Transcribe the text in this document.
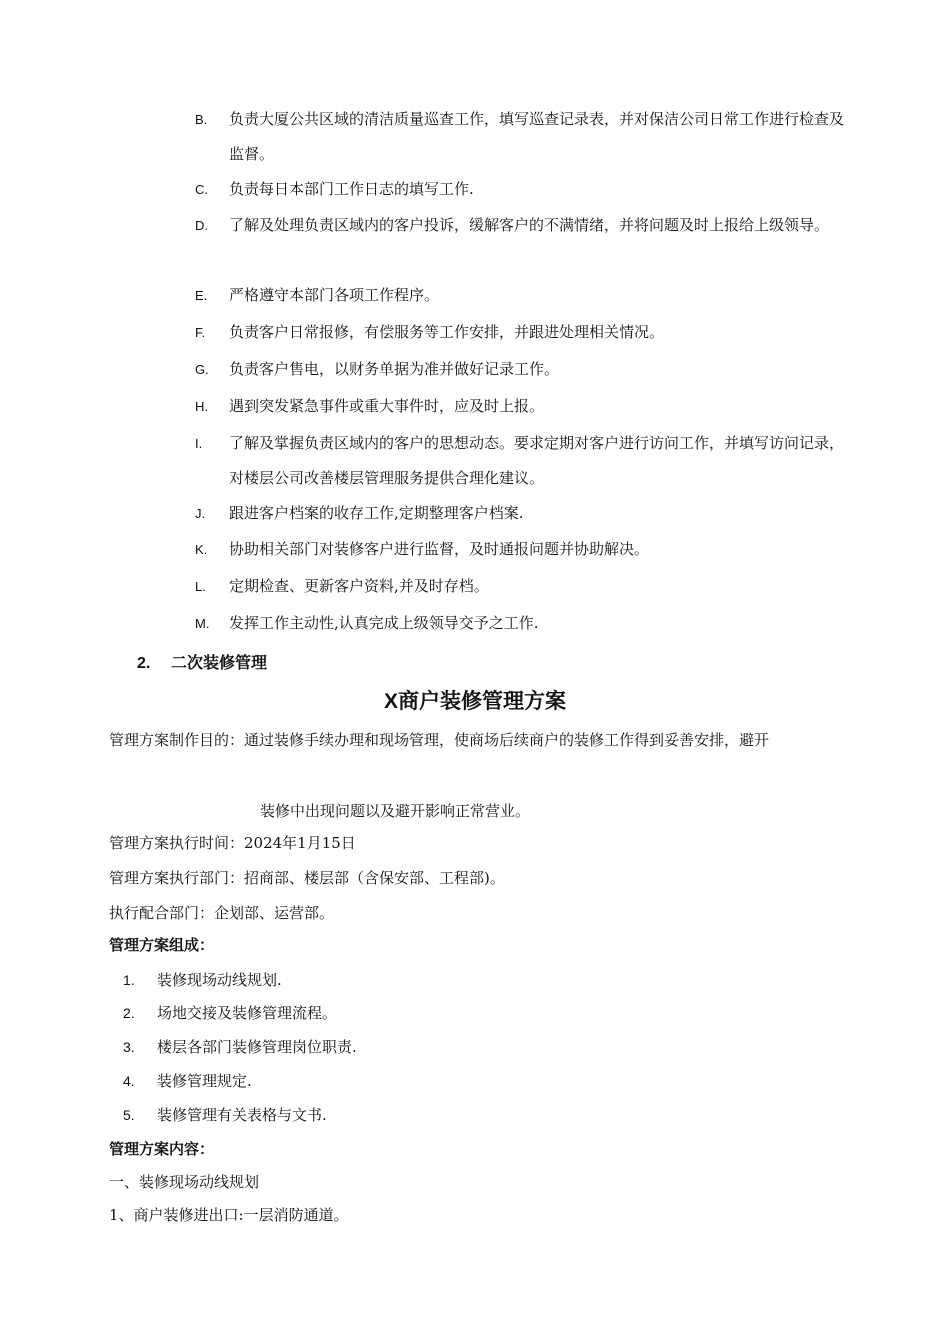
B. 负责大厦公共区域的清洁质量巡查工作，填写巡查记录表，并对保洁公司日常工作进行检查及监督。
C. 负责每日本部门工作日志的填写工作.
D. 了解及处理负责区域内的客户投诉，缓解客户的不满情绪，并将问题及时上报给上级领导。
E. 严格遵守本部门各项工作程序。
F. 负责客户日常报修，有偿服务等工作安排，并跟进处理相关情况。
G. 负责客户售电，以财务单据为准并做好记录工作。
H. 遇到突发紧急事件或重大事件时，应及时上报。
I. 了解及掌握负责区域内的客户的思想动态。要求定期对客户进行访问工作，并填写访问记录，对楼层公司改善楼层管理服务提供合理化建议。
J. 跟进客户档案的收存工作,定期整理客户档案.
K. 协助相关部门对装修客户进行监督，及时通报问题并协助解决。
L. 定期检查、更新客户资料,并及时存档。
M. 发挥工作主动性,认真完成上级领导交予之工作.
2. 二次装修管理
X商户装修管理方案
管理方案制作目的：通过装修手续办理和现场管理，使商场后续商户的装修工作得到妥善安排，避开
装修中出现问题以及避开影响正常营业。
管理方案执行时间：2024年1月15日
管理方案执行部门：招商部、楼层部（含保安部、工程部)。
执行配合部门：企划部、运营部。
管理方案组成：
1. 装修现场动线规划.
2. 场地交接及装修管理流程。
3. 楼层各部门装修管理岗位职责.
4. 装修管理规定.
5. 装修管理有关表格与文书.
管理方案内容：
一、装修现场动线规划
1、商户装修进出口:一层消防通道。
